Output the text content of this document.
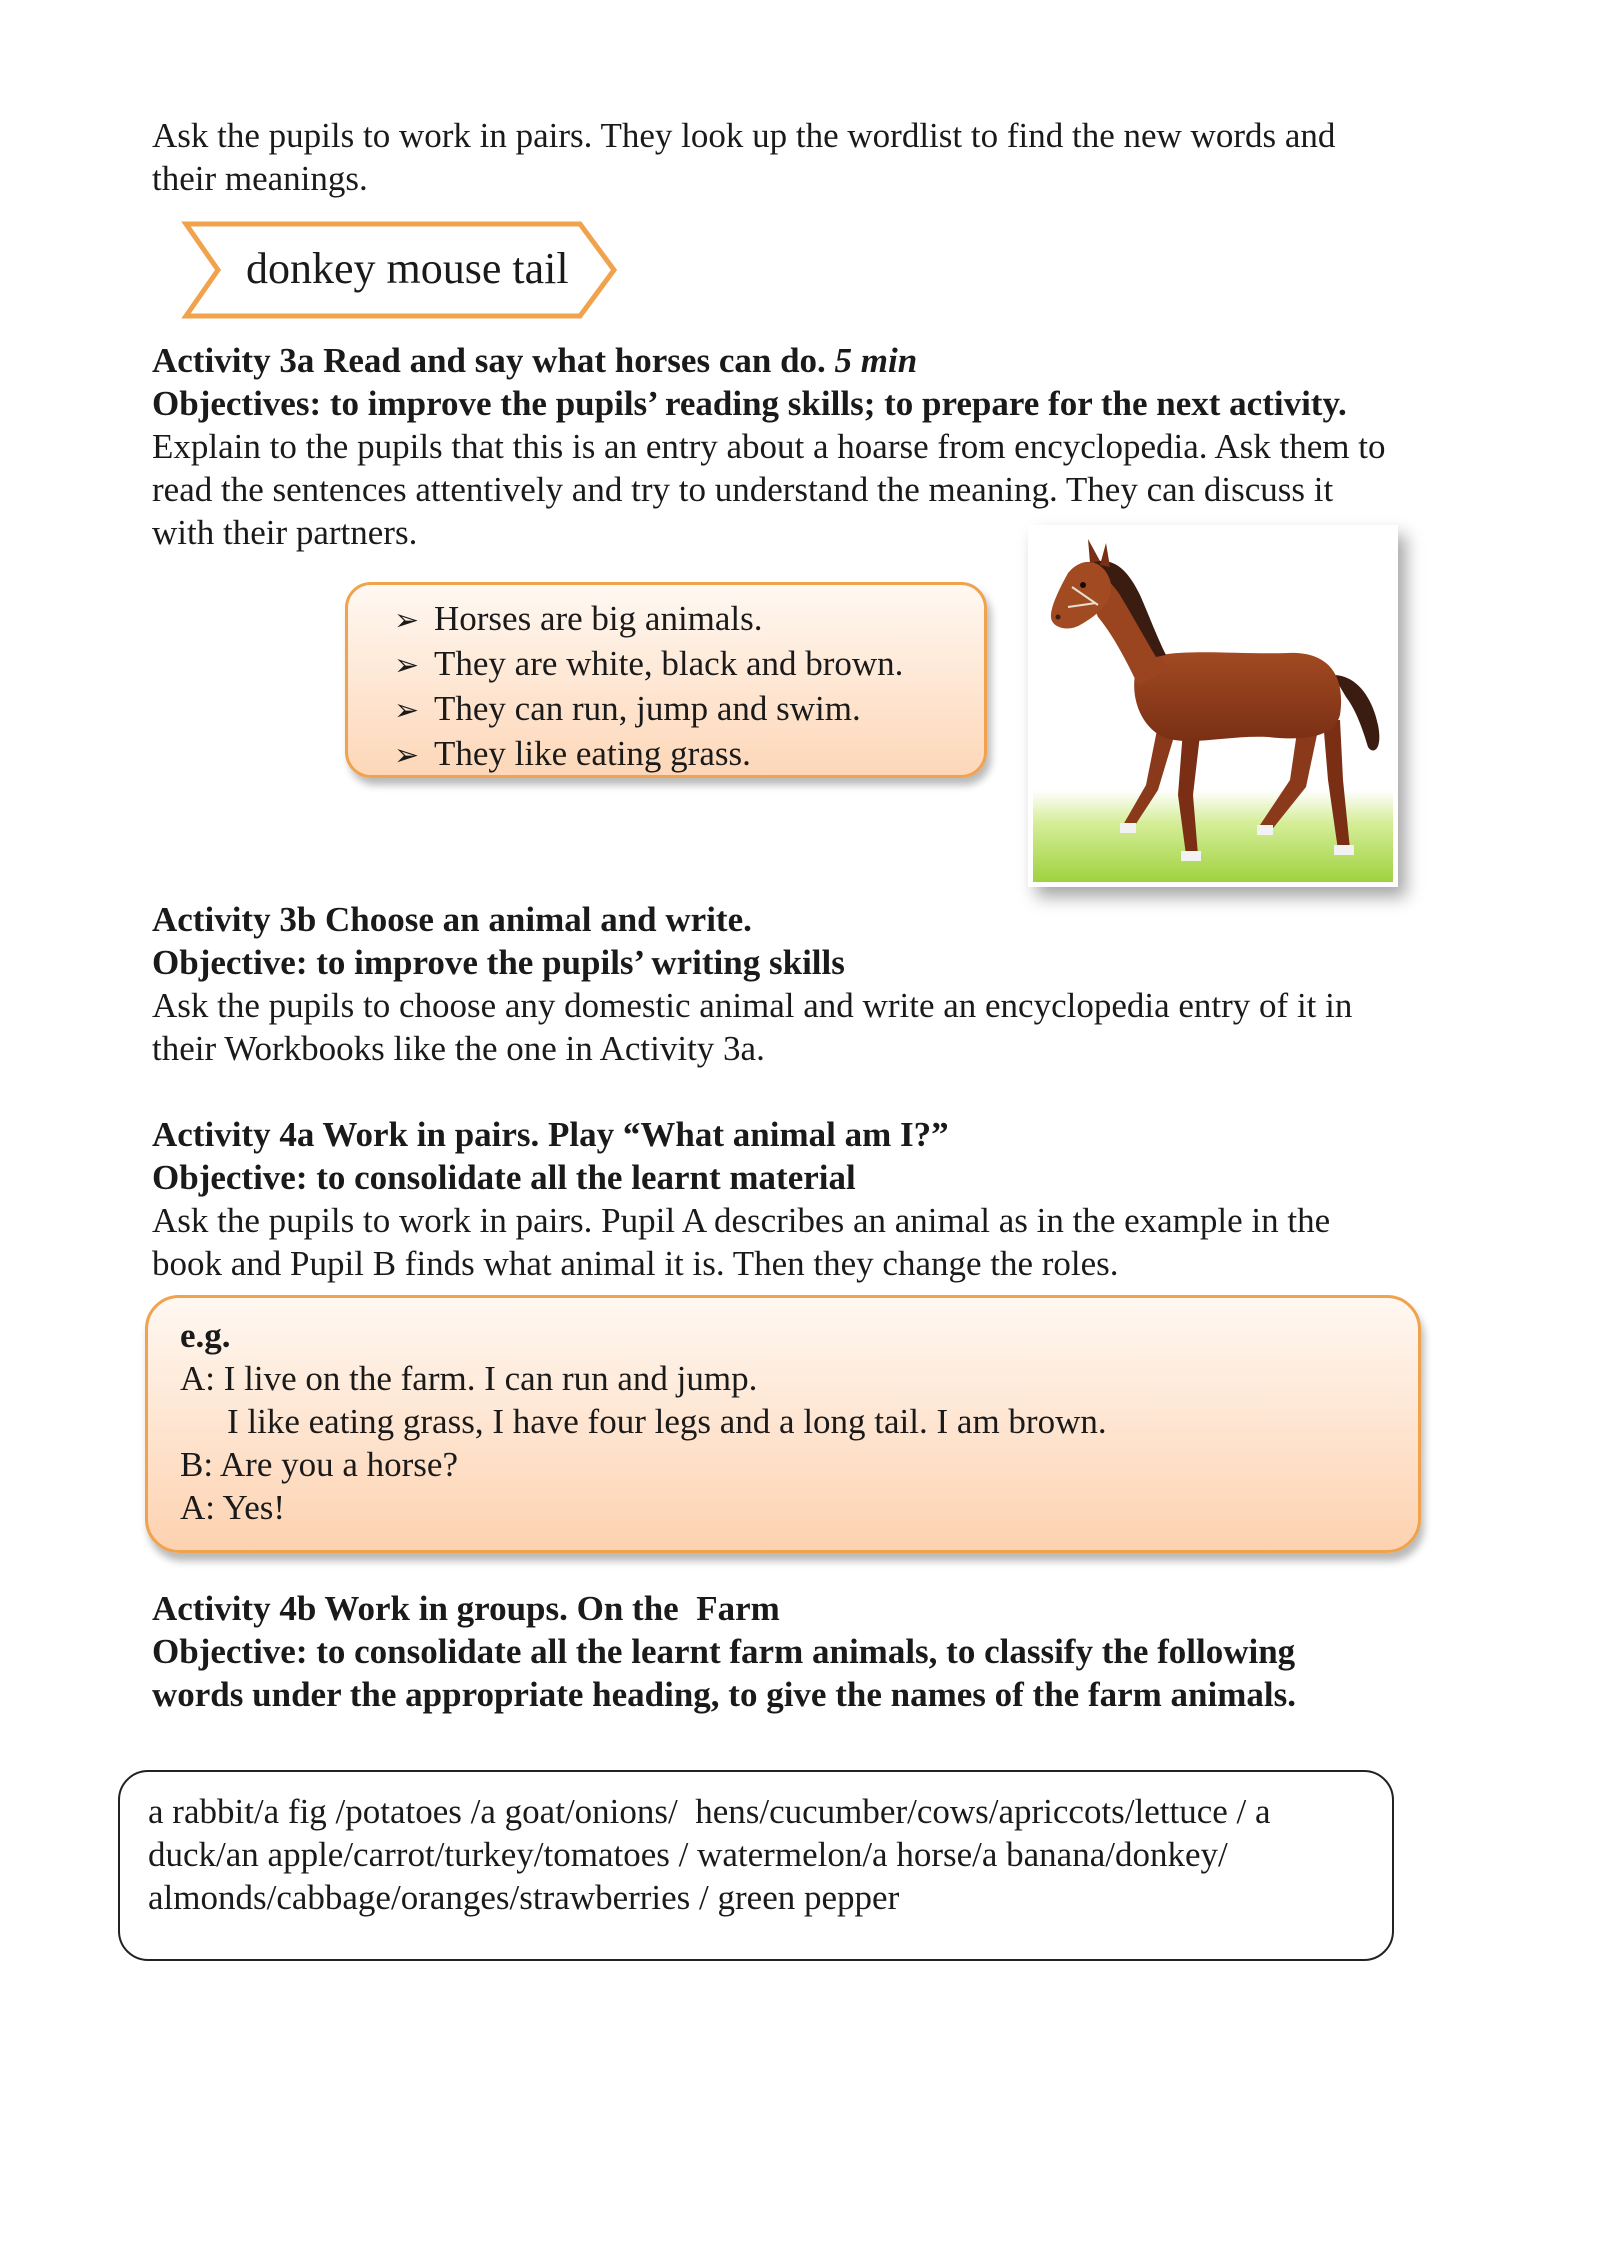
Ask the pupils to work in pairs. They look up the wordlist to find the new words and

their meanings.

donkey mouse tail

Activity 3a Read and say what horses can do. 5 min

Objectives: to improve the pupils’ reading skills; to prepare for the next activity.

Explain to the pupils that this is an entry about a hoarse from encyclopedia. Ask them to

read the sentences attentively and try to understand the meaning. They can discuss it

with their partners.

➢ Horses are big animals.
➢ They are white, black and brown.
➢ They can run, jump and swim.
➢ They like eating grass.

Activity 3b Choose an animal and write.

Objective: to improve the pupils’ writing skills

Ask the pupils to choose any domestic animal and write an encyclopedia entry of it in

their Workbooks like the one in Activity 3a.

Activity 4a Work in pairs. Play “What animal am I?”

Objective: to consolidate all the learnt material

Ask the pupils to work in pairs. Pupil A describes an animal as in the example in the

book and Pupil B finds what animal it is. Then they change the roles.

e.g.
A: I live on the farm. I can run and jump.
I like eating grass, I have four legs and a long tail. I am brown.
B: Are you a horse?
A: Yes!

Activity 4b Work in groups. On the  Farm

Objective: to consolidate all the learnt farm animals, to classify the following

words under the appropriate heading, to give the names of the farm animals.

a rabbit/a fig /potatoes /a goat/onions/  hens/cucumber/cows/apriccots/lettuce / a
duck/an apple/carrot/turkey/tomatoes / watermelon/a horse/a banana/donkey/
almonds/cabbage/oranges/strawberries / green pepper
